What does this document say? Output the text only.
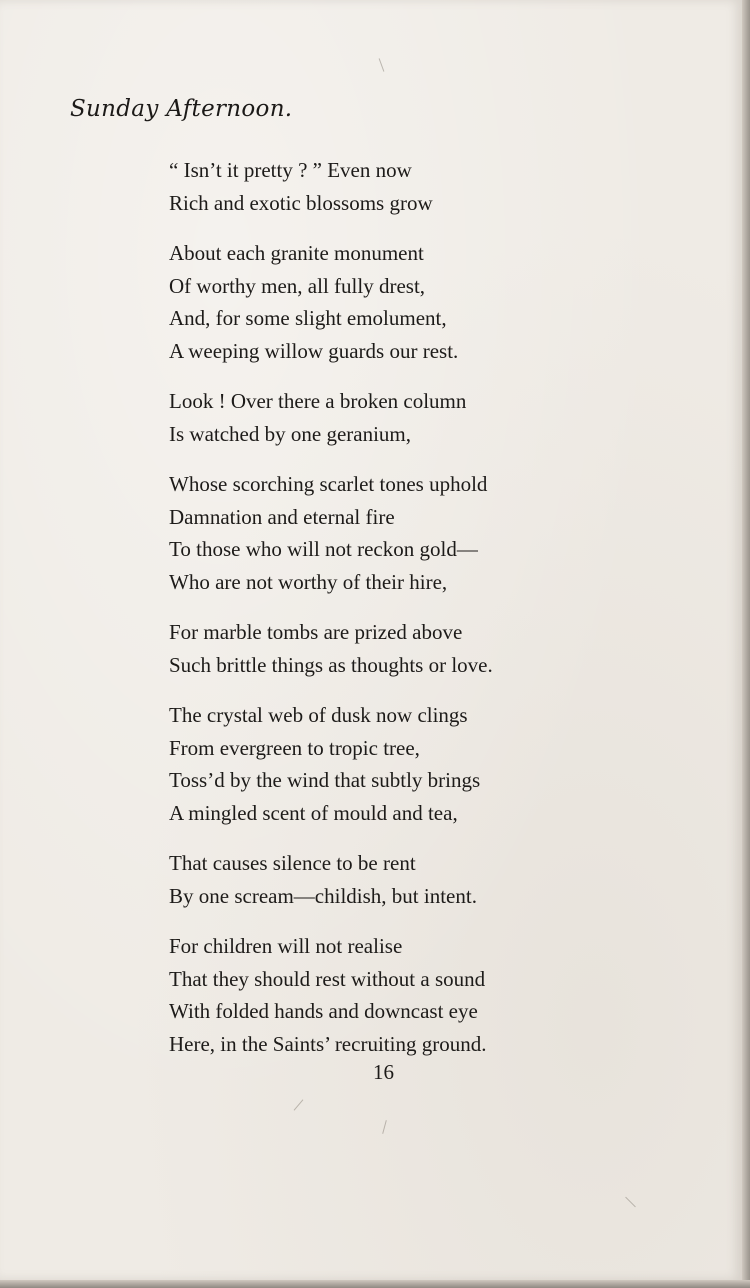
Sunday Afternoon.
“ Isn’t it pretty ? ” Even now
Rich and exotic blossoms grow
About each granite monument
Of worthy men, all fully drest,
And, for some slight emolument,
A weeping willow guards our rest.
Look ! Over there a broken column
Is watched by one geranium,
Whose scorching scarlet tones uphold
Damnation and eternal fire
To those who will not reckon gold—
Who are not worthy of their hire,
For marble tombs are prized above
Such brittle things as thoughts or love.
The crystal web of dusk now clings
From evergreen to tropic tree,
Toss’d by the wind that subtly brings
A mingled scent of mould and tea,
That causes silence to be rent
By one scream—childish, but intent.
For children will not realise
That they should rest without a sound
With folded hands and downcast eye
Here, in the Saints’ recruiting ground.
16
